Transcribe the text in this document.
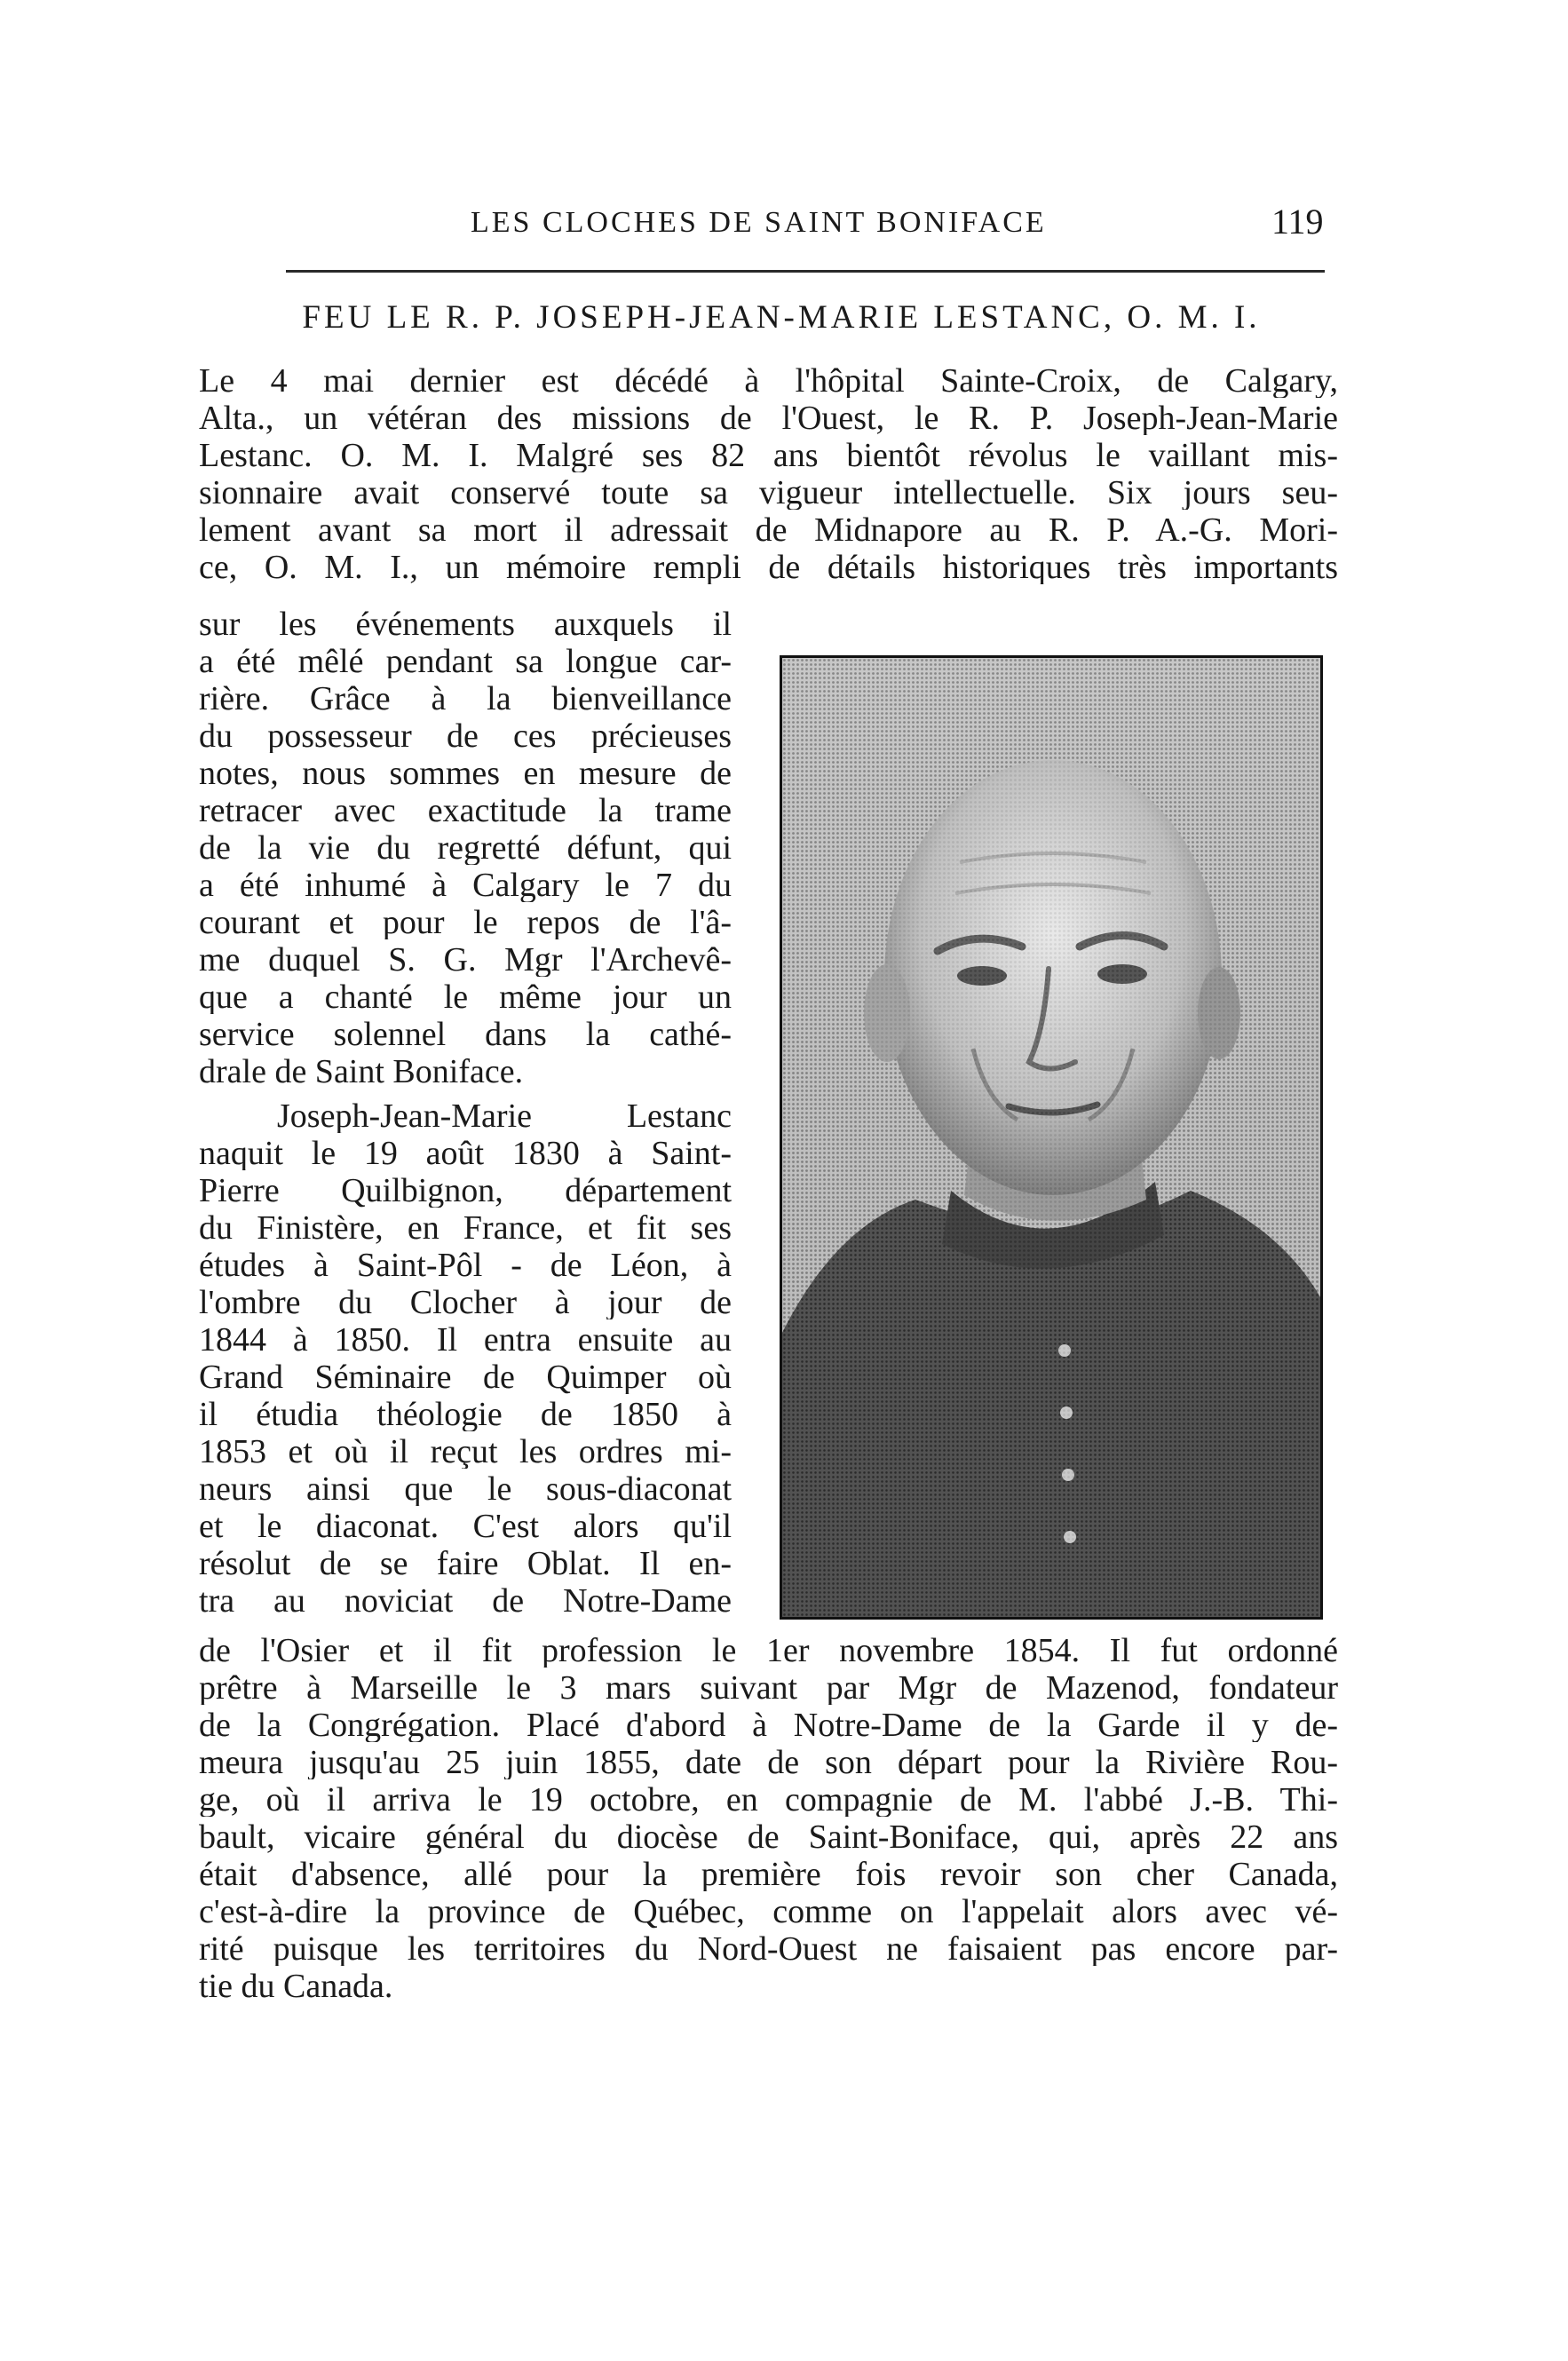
LES CLOCHES DE SAINT BONIFACE	119
FEU LE R. P. JOSEPH-JEAN-MARIE LESTANC, O. M. I.
Le 4 mai dernier est décédé à l'hôpital Sainte-Croix, de Calgary,
Alta., un vétéran des missions de l'Ouest, le R. P. Joseph-Jean-Marie
Lestanc. O. M. I. Malgré ses 82 ans bientôt révolus le vaillant mis-
sionnaire avait conservé toute sa vigueur intellectuelle. Six jours seu-
lement avant sa mort il adressait de Midnapore au R. P. A.-G. Mori-
ce, O. M. I., un mémoire rempli de détails historiques très importants
sur les événements auxquels il
a été mêlé pendant sa longue car-
rière. Grâce à la bienveillance
du possesseur de ces précieuses
notes, nous sommes en mesure de
retracer avec exactitude la trame
de la vie du regretté défunt, qui
a été inhumé à Calgary le 7 du
courant et pour le repos de l'â-
me duquel S. G. Mgr l'Archevê-
que a chanté le même jour un
service solennel dans la cathé-
drale de Saint Boniface.
Joseph-Jean-Marie Lestanc
naquit le 19 août 1830 à Saint-
Pierre Quilbignon, département
du Finistère, en France, et fit ses
études à Saint-Pôl - de Léon, à
l'ombre du Clocher à jour de
1844 à 1850. Il entra ensuite au
Grand Séminaire de Quimper où
il étudia théologie de 1850 à
1853 et où il reçut les ordres mi-
neurs ainsi que le sous-diaconat
et le diaconat. C'est alors qu'il
résolut de se faire Oblat. Il en-
tra au noviciat de Notre-Dame
de l'Osier et il fit profession le 1er novembre 1854. Il fut ordonné
prêtre à Marseille le 3 mars suivant par Mgr de Mazenod, fondateur
de la Congrégation. Placé d'abord à Notre-Dame de la Garde il y de-
meura jusqu'au 25 juin 1855, date de son départ pour la Rivière Rou-
ge, où il arriva le 19 octobre, en compagnie de M. l'abbé J.-B. Thi-
bault, vicaire général du diocèse de Saint-Boniface, qui, après 22 ans
était d'absence, allé pour la première fois revoir son cher Canada,
c'est-à-dire la province de Québec, comme on l'appelait alors avec vé-
rité puisque les territoires du Nord-Ouest ne faisaient pas encore par-
tie du Canada.
